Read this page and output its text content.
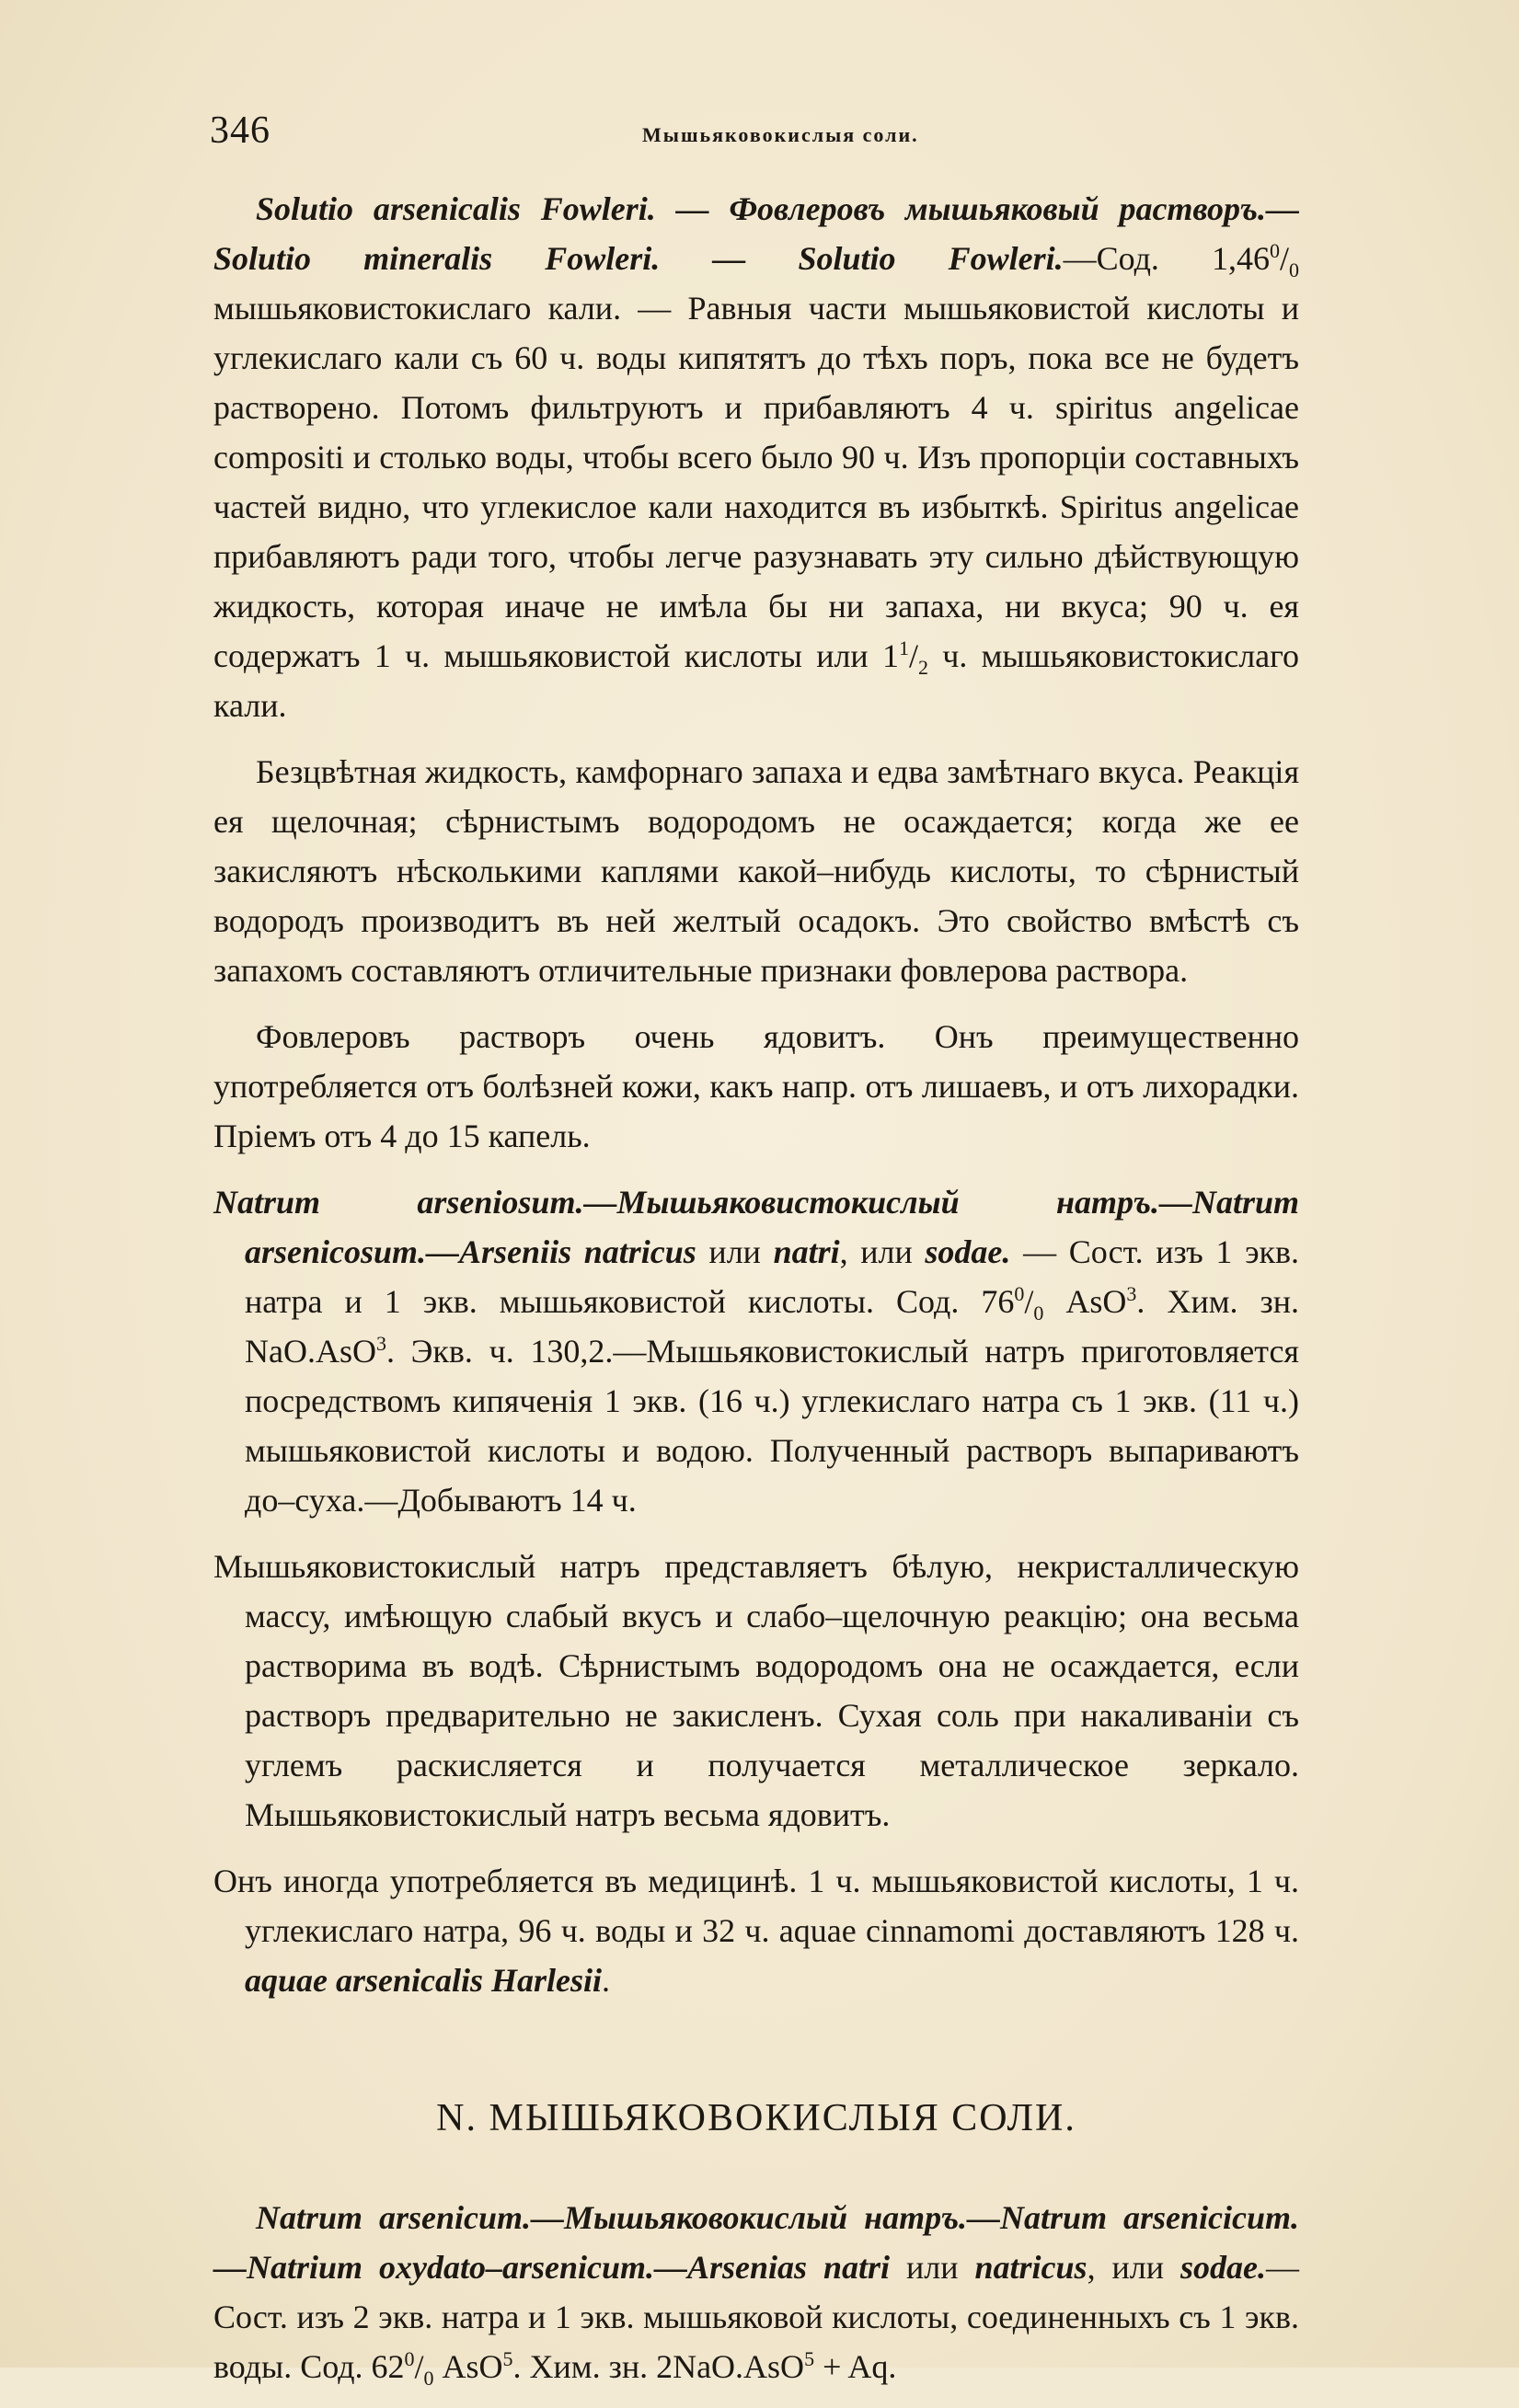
346	Мышьяковокислыя соли.

Solutio arsenicalis Fowleri. — Фовлеровъ мышьяковый растворъ.—Solutio mineralis Fowleri. — Solutio Fowleri.—Сод. $1,46^0/_0$ мышьяковистокислаго кали. — Равныя части мышьяковистой кислоты и углекислаго кали съ 60 ч. воды кипятятъ до тѣхъ поръ, пока все не будетъ растворено. Потомъ фильтруютъ и прибавляютъ 4 ч. spiritus angelicae compositi и столько воды, чтобы всего было 90 ч. Изъ пропорціи составныхъ частей видно, что углекислое кали находится въ избыткѣ. Spiritus angelicae прибавляютъ ради того, чтобы легче разузнавать эту сильно дѣйствующую жидкость, которая иначе не имѣла бы ни запаха, ни вкуса; 90 ч. ея содержатъ 1 ч. мышьяковистой кислоты или $1^1/_2$ ч. мышьяковистокислаго кали.

Безцвѣтная жидкость, камфорнаго запаха и едва замѣтнаго вкуса. Реакція ея щелочная; сѣрнистымъ водородомъ не осаждается; когда же ее закисляютъ нѣсколькими каплями какой–нибудь кислоты, то сѣрнистый водородъ производитъ въ ней желтый осадокъ. Это свойство вмѣстѣ съ запахомъ составляютъ отличительные признаки фовлерова раствора.

Фовлеровъ растворъ очень ядовитъ. Онъ преимущественно употребляется отъ болѣзней кожи, какъ напр. отъ лишаевъ, и отъ лихорадки. Пріемъ отъ 4 до 15 капель.

Natrum arseniosum.—Мышьяковистокислый натръ.—Natrum arsenicosum.—Arseniis natricus или natri, или sodae. — Сост. изъ 1 экв. натра и 1 экв. мышьяковистой кислоты. Сод. $76^0/_0$ AsO$^3$. Хим. зн. NaO.AsO$^3$. Экв. ч. 130,2.—Мышьяковистокислый натръ приготовляется посредствомъ кипяченія 1 экв. (16 ч.) углекислаго натра съ 1 экв. (11 ч.) мышьяковистой кислоты и водою. Полученный растворъ выпариваютъ до–суха.—Добываютъ 14 ч.

Мышьяковистокислый натръ представляетъ бѣлую, некристаллическую массу, имѣющую слабый вкусъ и слабо–щелочную реакцію; она весьма растворима въ водѣ. Сѣрнистымъ водородомъ она не осаждается, если растворъ предварительно не закисленъ. Сухая соль при накаливаніи съ углемъ раскисляется и получается металлическое зеркало. Мышьяковистокислый натръ весьма ядовитъ.

Онъ иногда употребляется въ медицинѣ. 1 ч. мышьяковистой кислоты, 1 ч. углекислаго натра, 96 ч. воды и 32 ч. aquae cinnamomi доставляютъ 128 ч. aquae arsenicalis Harlesii.

N. МЫШЬЯКОВОКИСЛЫЯ СОЛИ.

Natrum arsenicum.—Мышьяковокислый натръ.—Natrum arsenicicum.—Natrium oxydato–arsenicum.—Arsenias natri или natricus, или sodae.—Сост. изъ 2 экв. натра и 1 экв. мышьяковой кислоты, соединенныхъ съ 1 экв. воды. Сод. $62^0/_0$ AsO$^5$. Хим. зн. 2NaO.AsO$^5$ + Aq.
